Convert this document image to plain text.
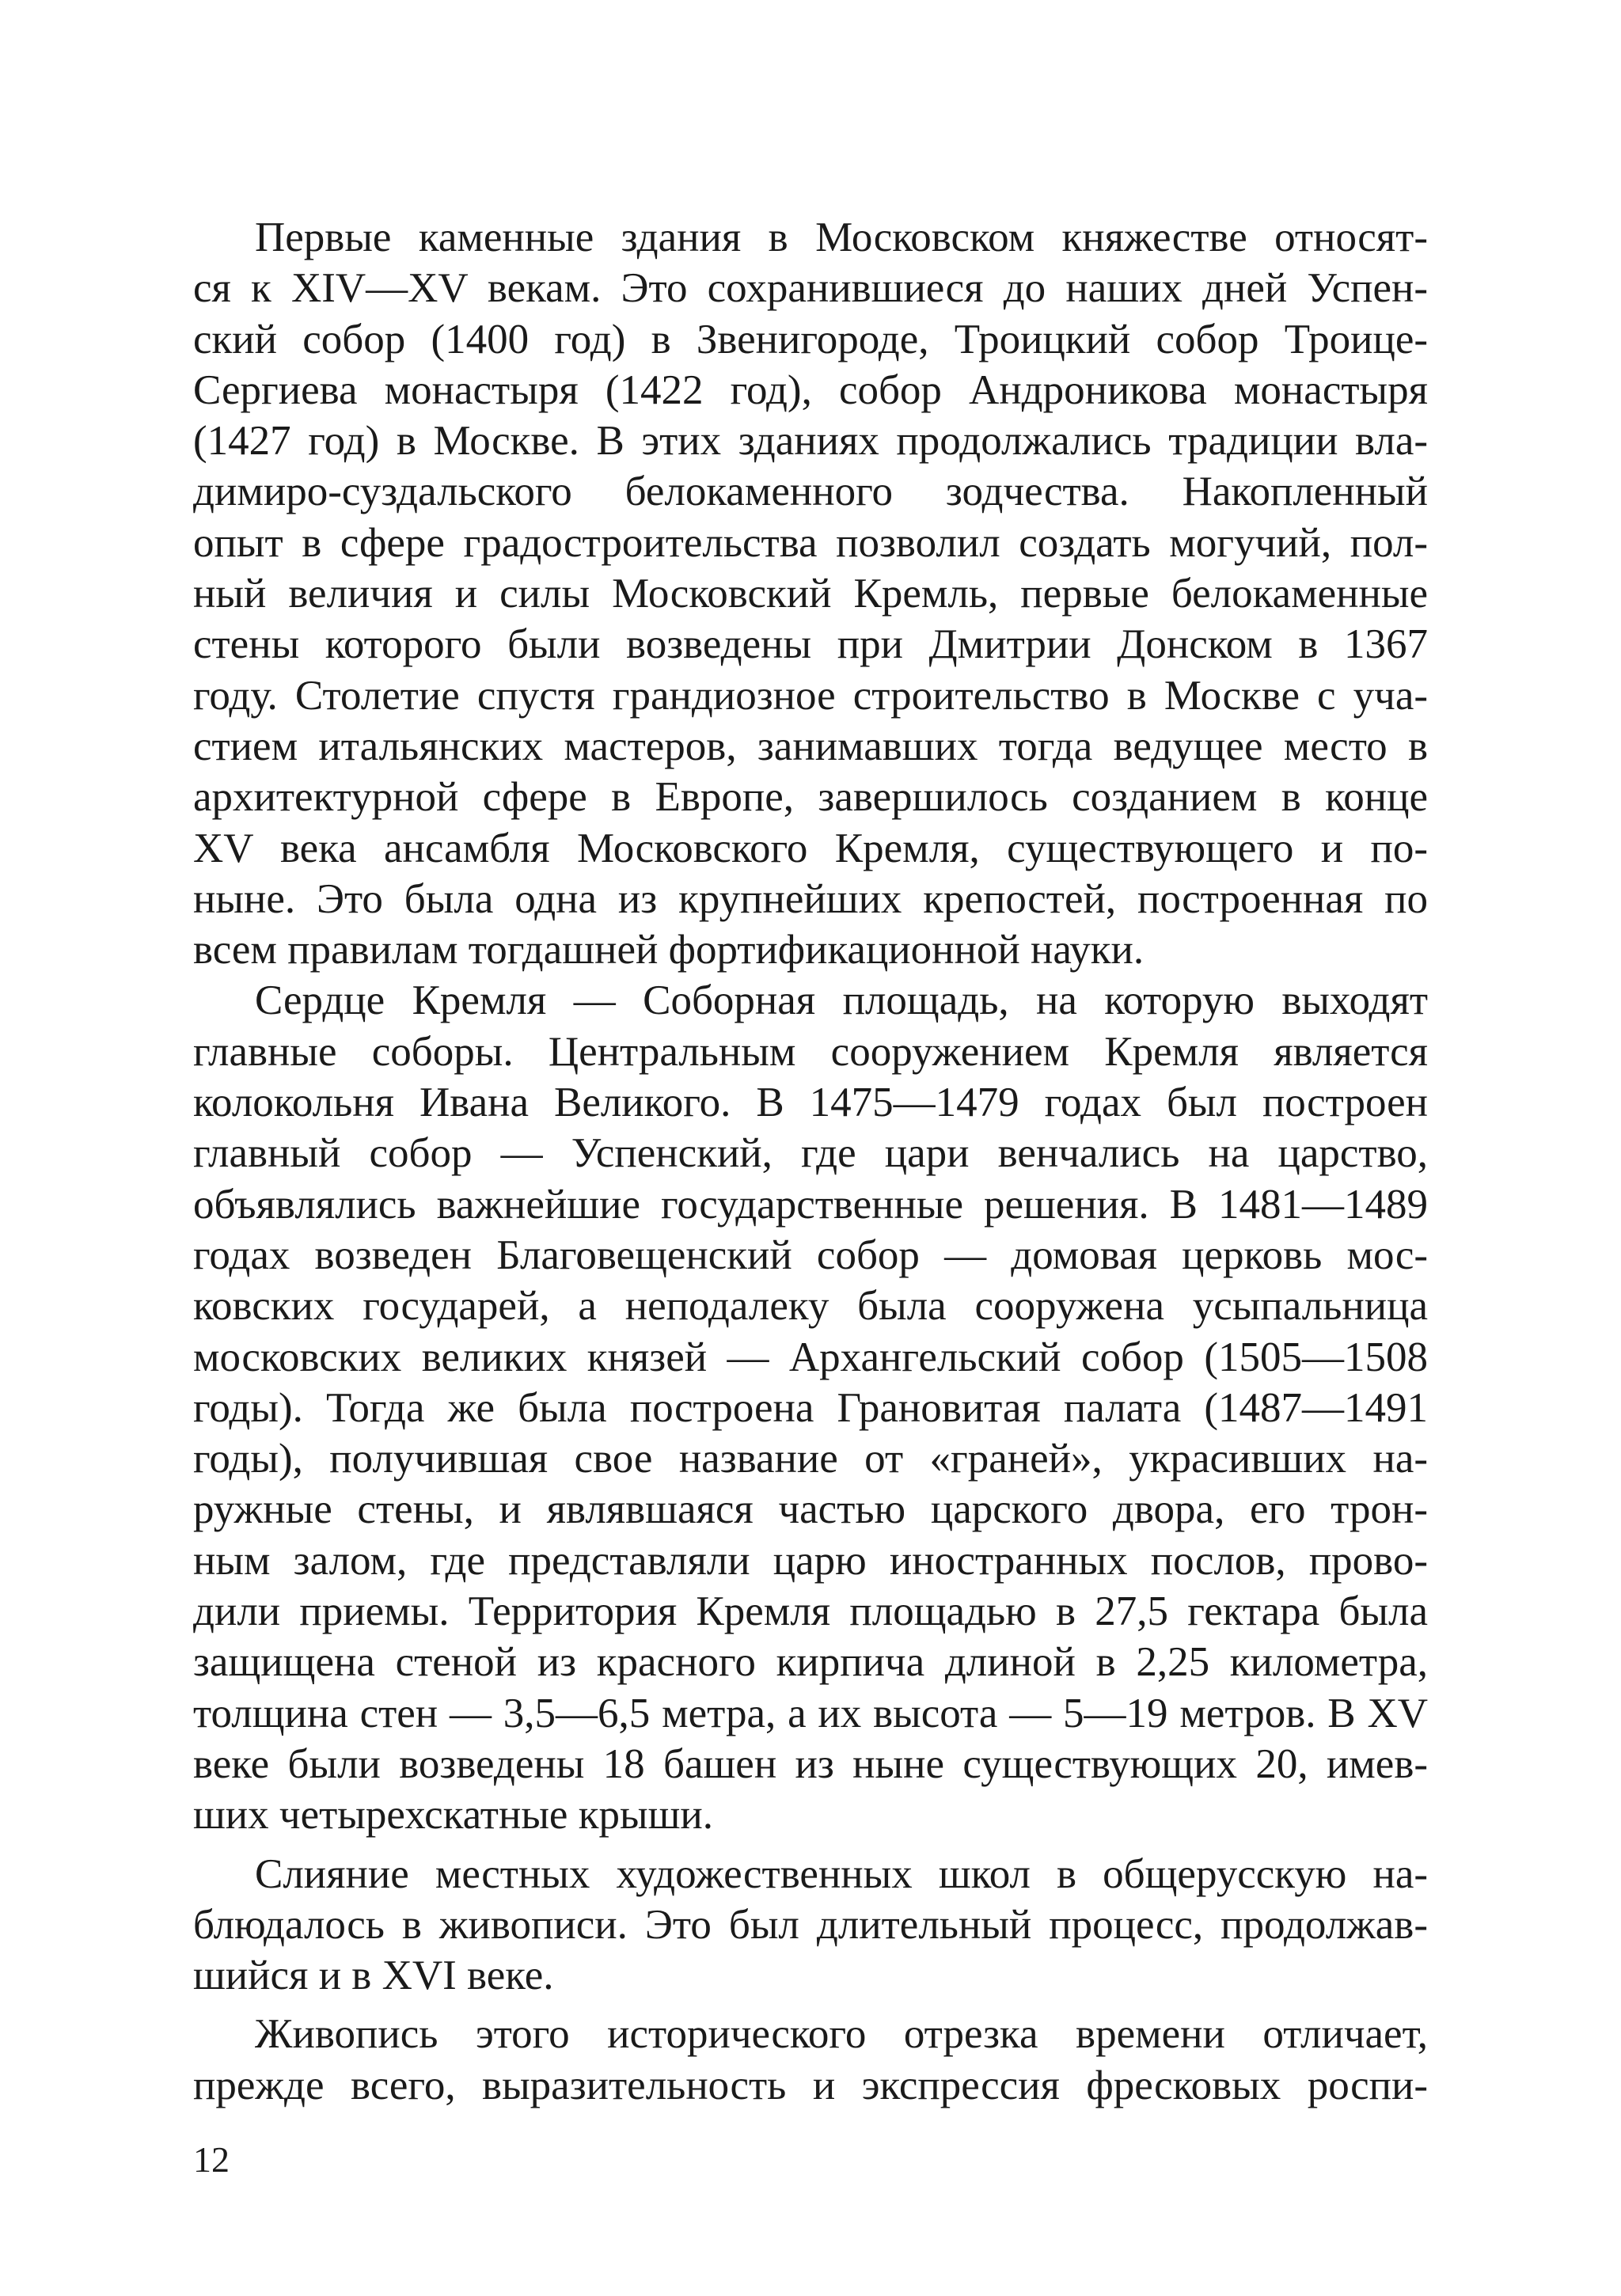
Первые каменные здания в Московском княжестве относят-
ся к XIV—XV векам. Это сохранившиеся до наших дней Успен-
ский собор (1400 год) в Звенигороде, Троицкий собор Троице-
Сергиева монастыря (1422 год), собор Андроникова монастыря
(1427 год) в Москве. В этих зданиях продолжались традиции вла-
димиро-суздальского белокаменного зодчества. Накопленный
опыт в сфере градостроительства позволил создать могучий, пол-
ный величия и силы Московский Кремль, первые белокаменные
стены которого были возведены при Дмитрии Донском в 1367
году. Столетие спустя грандиозное строительство в Москве с уча-
стием итальянских мастеров, занимавших тогда ведущее место в
архитектурной сфере в Европе, завершилось созданием в конце
XV века ансамбля Московского Кремля, существующего и по-
ныне. Это была одна из крупнейших крепостей, построенная по
всем правилам тогдашней фортификационной науки.
Сердце Кремля — Соборная площадь, на которую выходят
главные соборы. Центральным сооружением Кремля является
колокольня Ивана Великого. В 1475—1479 годах был построен
главный собор — Успенский, где цари венчались на царство,
объявлялись важнейшие государственные решения. В 1481—1489
годах возведен Благовещенский собор — домовая церковь мос-
ковских государей, а неподалеку была сооружена усыпальница
московских великих князей — Архангельский собор (1505—1508
годы). Тогда же была построена Грановитая палата (1487—1491
годы), получившая свое название от «граней», украсивших на-
ружные стены, и являвшаяся частью царского двора, его трон-
ным залом, где представляли царю иностранных послов, прово-
дили приемы. Территория Кремля площадью в 27,5 гектара была
защищена стеной из красного кирпича длиной в 2,25 километра,
толщина стен — 3,5—6,5 метра, а их высота — 5—19 метров. В XV
веке были возведены 18 башен из ныне существующих 20, имев-
ших четырехскатные крыши.
Слияние местных художественных школ в общерусскую на-
блюдалось в живописи. Это был длительный процесс, продолжав-
шийся и в XVI веке.
Живопись этого исторического отрезка времени отличает,
прежде всего, выразительность и экспрессия фресковых роспи-
12
